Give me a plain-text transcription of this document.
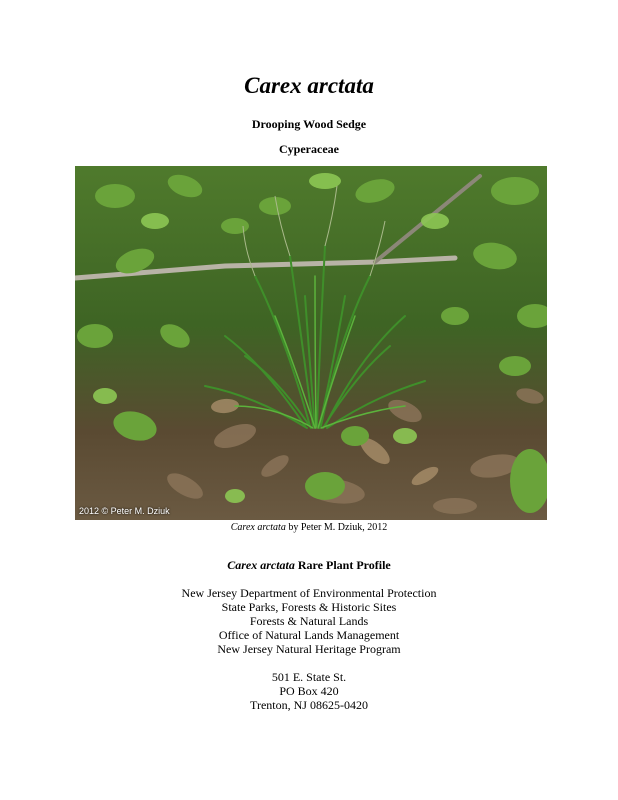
Carex arctata
Drooping Wood Sedge
Cyperaceae
2012 © Peter M. Dziuk
Carex arctata by Peter M. Dziuk, 2012
Carex arctata Rare Plant Profile
New Jersey Department of Environmental Protection
State Parks, Forests & Historic Sites
Forests & Natural Lands
Office of Natural Lands Management
New Jersey Natural Heritage Program
501 E. State St.
PO Box 420
Trenton, NJ 08625-0420
